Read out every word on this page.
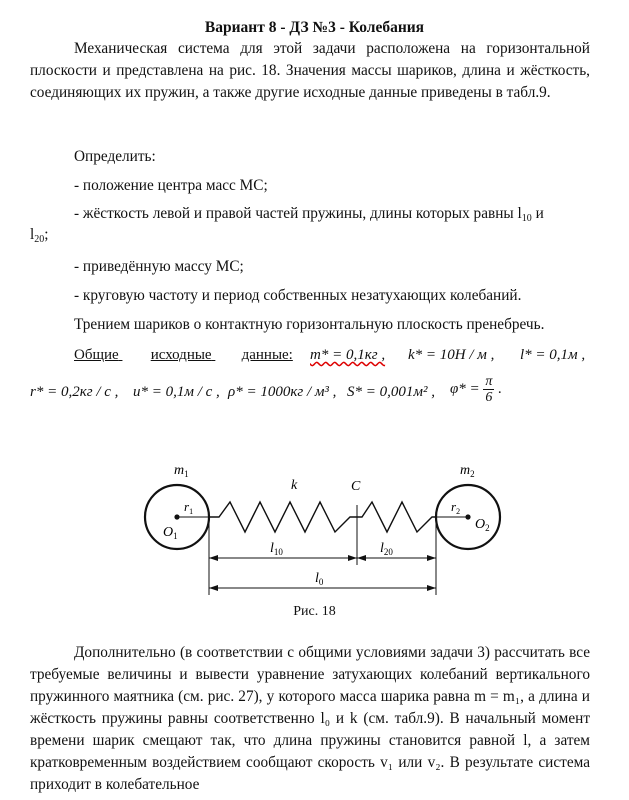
Вариант 8 - ДЗ №3 - Колебания
Механическая система для этой задачи расположена на горизонтальной плоскости и представлена на рис. 18. Значения массы шариков, длина и жёсткость, соединяющих их пружин, а также другие исходные данные приведены в табл.9.
Определить:
- положение центра масс МС;
- жёсткость левой и правой частей пружины, длины которых равны $l_{10}$ и
$l_{20}$;
- приведённую массу МС;
- круговую частоту и период собственных незатухающих колебаний.
Трением шариков о контактную горизонтальную плоскость пренебречь.
Общие исходные данные: m* = 0,1кг , k* = 10Н / м , l* = 0,1м ,
r* = 0,2кг / с , u* = 0,1м / с , ρ* = 1000кг / м³ , S* = 0,001м² , $\varphi* = \frac{\pi}{6}$ .
$m_1$	$m_2$
k	C
$r_1$	$r_2$
$O_1$
$O_2$
$l_{10}$	$l_{20}$
$l_0$
Рис. 18
Дополнительно (в соответствии с общими условиями задачи 3) рассчитать все требуемые величины и вывести уравнение затухающих колебаний вертикального пружинного маятника (см. рис. 27), у которого масса шарика равна m = m₁, а длина и жёсткость пружины равны соответственно l₀ и k (см. табл.9). В начальный момент времени шарик смещают так, что длина пружины становится равной l, а затем кратковременным воздействием сообщают скорость v₁ или v₂. В результате система приходит в колебательное
